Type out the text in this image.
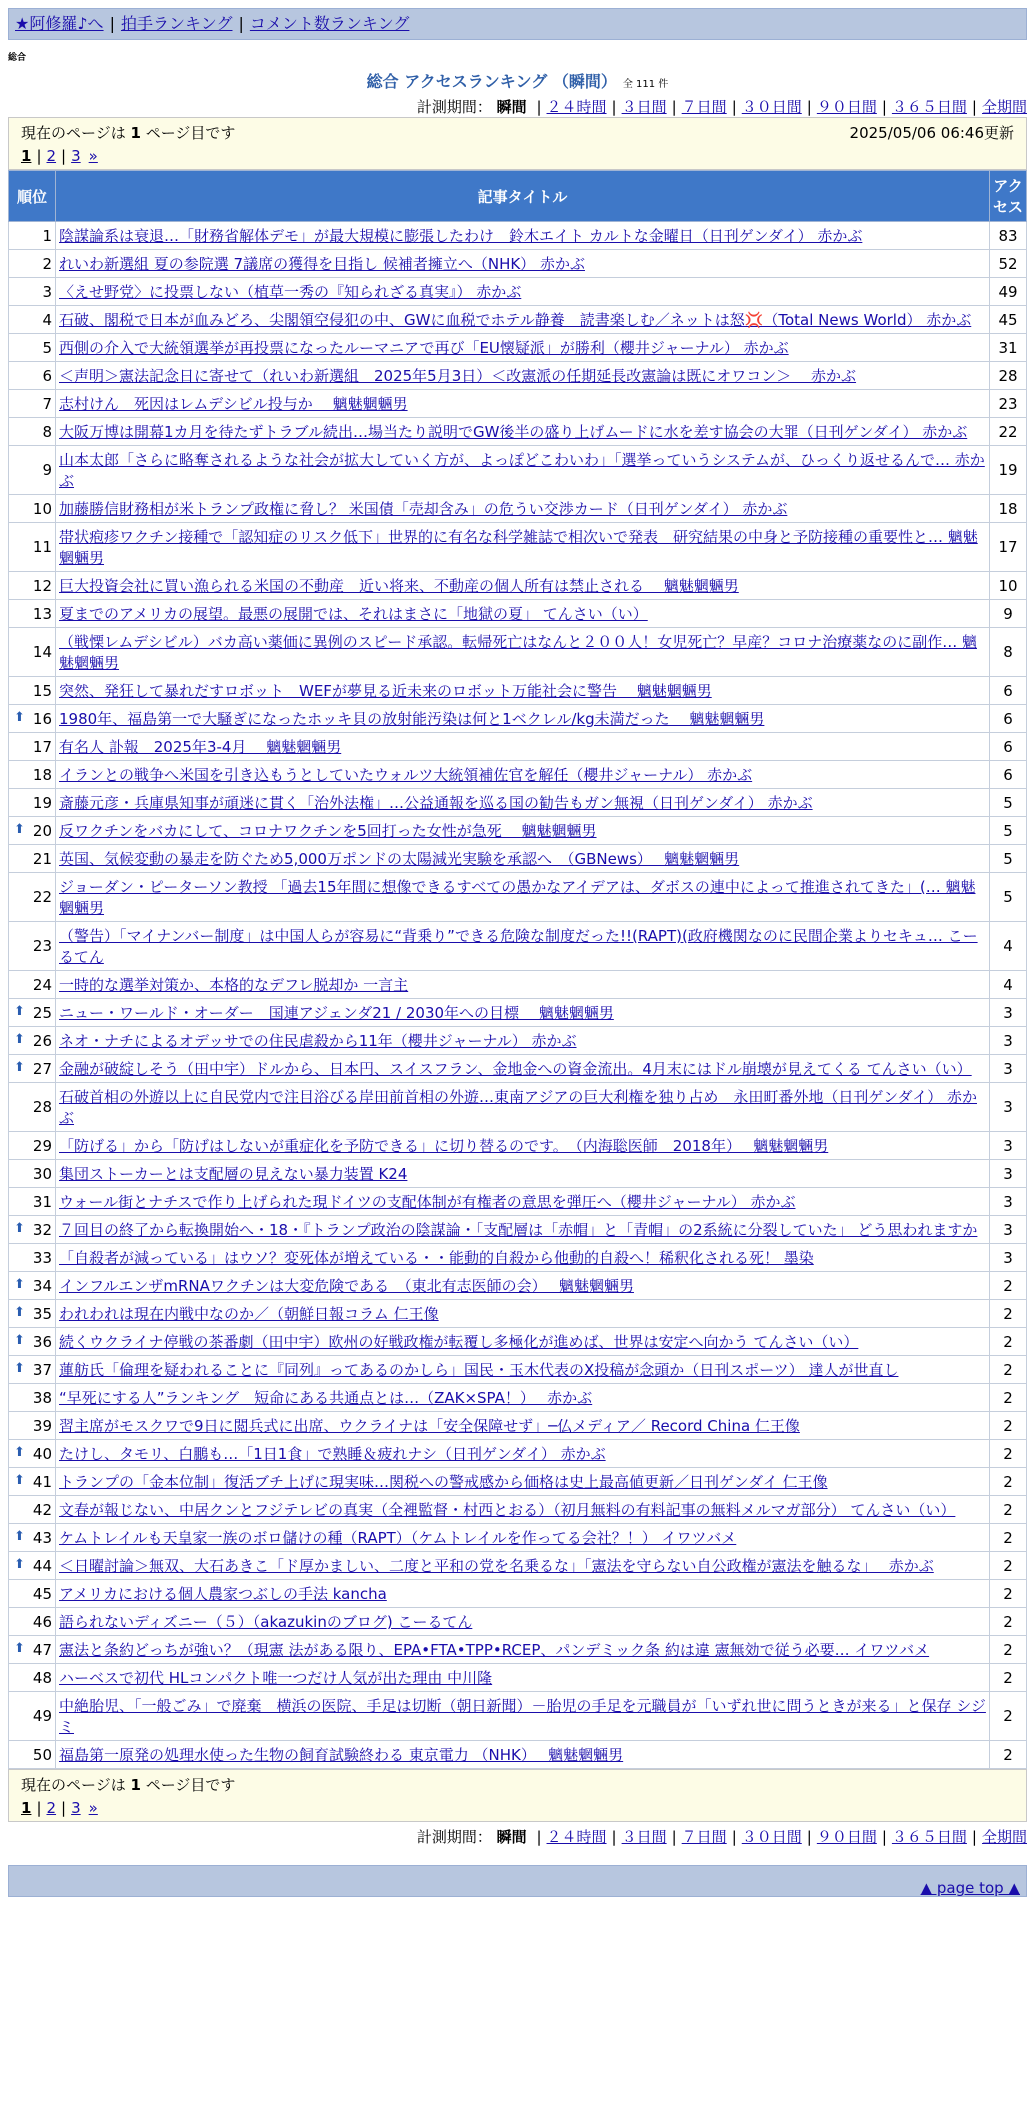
★阿修羅♪へ | 拍手ランキング | コメント数ランキング
総合
総合 アクセスランキング （瞬間） 全 111 件
計測期間： 瞬間 | ２４時間 | ３日間 | ７日間 | ３０日間 | ９０日間 | ３６５日間 | 全期間
現在のページは 1 ページ目です	2025/05/06 06:46更新
1 | 2 | 3 »
順位	記事タイトル	アクセス
1	陰謀論系は衰退…「財務省解体デモ」が最大規模に膨張したわけ　鈴木エイト カルトな金曜日（日刊ゲンダイ） 赤かぶ	83
2	れいわ新選組 夏の参院選 7議席の獲得を目指し 候補者擁立へ（NHK） 赤かぶ	52
3	〈えせ野党〉に投票しない（植草一秀の『知られざる真実』） 赤かぶ	49
4	石破、閣税で日本が血みどろ、尖閣領空侵犯の中、GWに血税でホテル静養　読書楽しむ／ネットは怒💢（Total News World） 赤かぶ	45
5	西側の介入で大統領選挙が再投票になったルーマニアで再び「EU懐疑派」が勝利（櫻井ジャーナル） 赤かぶ	31
6	＜声明＞憲法記念日に寄せて（れいわ新選組　2025年5月3日）＜改憲派の任期延長改憲論は既にオワコン＞　 赤かぶ	28
7	志村けん　死因はレムデシビル投与か　 魑魅魍魎男	23
8	大阪万博は開幕1カ月を待たずトラブル続出…場当たり説明でGW後半の盛り上げムードに水を差す協会の大罪（日刊ゲンダイ） 赤かぶ	22
9	山本太郎「さらに略奪されるような社会が拡大していく方が、よっぽどこわいわ」「選挙っていうシステムが、ひっくり返せるんで… 赤かぶ	19
10	加藤勝信財務相が米トランプ政権に脅し？ 米国債「売却含み」の危うい交渉カード（日刊ゲンダイ） 赤かぶ	18
11	帯状疱疹ワクチン接種で「認知症のリスク低下」世界的に有名な科学雑誌で相次いで発表　研究結果の中身と予防接種の重要性と… 魑魅魍魎男	17
12	巨大投資会社に買い漁られる米国の不動産　近い将来、不動産の個人所有は禁止される　 魑魅魍魎男	10
13	夏までのアメリカの展望。最悪の展開では、それはまさに「地獄の夏」 てんさい（い）	9
14	（戦慄レムデシビル）バカ高い薬価に異例のスピード承認。転帰死亡はなんと２００人！女児死亡？早産？コロナ治療薬なのに副作… 魑魅魍魎男	8
15	突然、発狂して暴れだすロボット　WEFが夢見る近未来のロボット万能社会に警告　 魑魅魍魎男	6

⬆ 16	1980年、福島第一で大騒ぎになったホッキ貝の放射能汚染は何と1ベクレル/kg未満だった　 魑魅魍魎男	6
17	有名人 訃報　2025年3-4月　 魑魅魍魎男	6
18	イランとの戦争へ米国を引き込もうとしていたウォルツ大統領補佐官を解任（櫻井ジャーナル） 赤かぶ	6
19	斎藤元彦・兵庫県知事が頑迷に貫く「治外法権」…公益通報を巡る国の勧告もガン無視（日刊ゲンダイ） 赤かぶ	5

⬆ 20	反ワクチンをバカにして、コロナワクチンを5回打った女性が急死　 魑魅魍魎男	5
21	英国、気候変動の暴走を防ぐため5,000万ポンドの太陽減光実験を承認へ　（GBNews）　 魑魅魍魎男	5
22	ジョーダン・ピーターソン教授 「過去15年間に想像できるすべての愚かなアイデアは、ダボスの連中によって推進されてきた」(… 魑魅魍魎男	5
23	（警告）「マイナンバー制度」は中国人らが容易に“背乗り”できる危険な制度だった!!(RAPT)(政府機関なのに民間企業よりセキュ… こーるてん	4
24	一時的な選挙対策か、本格的なデフレ脱却か 一言主	4

⬆ 25	ニュー・ワールド・オーダー　国連アジェンダ21 / 2030年への目標　 魑魅魍魎男	3

⬆ 26	ネオ・ナチによるオデッサでの住民虐殺から11年（櫻井ジャーナル） 赤かぶ	3

⬆ 27	金融が破綻しそう（田中宇）ドルから、日本円、スイスフラン、金地金への資金流出。4月末にはドル崩壊が見えてくる てんさい（い）	3
28	石破首相の外遊以上に自民党内で注目浴びる岸田前首相の外遊…東南アジアの巨大利権を独り占め　永田町番外地（日刊ゲンダイ） 赤かぶ	3
29	「防げる」から「防げはしないが重症化を予防できる」に切り替るのです。　（内海聡医師　2018年）　 魑魅魍魎男	3
30	集団ストーカーとは支配層の見えない暴力装置 K24	3
31	ウォール街とナチスで作り上げられた現ドイツの支配体制が有権者の意思を弾圧へ（櫻井ジャーナル） 赤かぶ	3

⬆ 32	７回目の終了から転換開始へ・18・『トランプ政治の陰謀論・「支配層は「赤帽」と「青帽」の2系統に分裂していた」 どう思われますか	3
33	「自殺者が減っている」はウソ？変死体が増えている・・能動的自殺から他動的自殺へ！稀釈化される死！ 墨染	3

⬆ 34	インフルエンザmRNAワクチンは大変危険である　（東北有志医師の会）　 魑魅魍魎男	2

⬆ 35	われわれは現在内戦中なのか／（朝鮮日報コラム 仁王像	2

⬆ 36	続くウクライナ停戦の茶番劇（田中宇）欧州の好戦政権が転覆し多極化が進めば、世界は安定へ向かう てんさい（い）	2

⬆ 37	蓮舫氏「倫理を疑われることに『同列』ってあるのかしら」国民・玉木代表のX投稿が念頭か（日刊スポーツ） 達人が世直し	2
38	“早死にする人”ランキング　短命にある共通点とは…（ZAK×SPA！）　 赤かぶ	2
39	習主席がモスクワで9日に閲兵式に出席、ウクライナは「安全保障せず」─仏メディア／ Record China 仁王像	2

⬆ 40	たけし、タモリ、白鵬も…「1日1食」で熟睡＆疲れナシ（日刊ゲンダイ） 赤かぶ	2

⬆ 41	トランプの「金本位制」復活ブチ上げに現実味…関税への警戒感から価格は史上最高値更新／日刊ゲンダイ 仁王像	2
42	文春が報じない、中居クンとフジテレビの真実（全裡監督・村西とおる）（初月無料の有料記事の無料メルマガ部分） てんさい（い）	2

⬆ 43	ケムトレイルも天皇家一族のボロ儲けの種（RAPT）（ケムトレイルを作ってる会社？！） イワツバメ	2

⬆ 44	＜日曜討論＞無双、大石あきこ「ド厚かましい、二度と平和の党を名乗るな」「憲法を守らない自公政権が憲法を触るな」　 赤かぶ	2
45	アメリカにおける個人農家つぶしの手法 kancha	2
46	語られないディズニー（５）（akazukinのブログ) こーるてん	2

⬆ 47	憲法と条約どっちが強い？（現憲 法がある限り、EPA•FTA•TPP•RCEP、パンデミック条 約は違 憲無効で従う必要… イワツバメ	2
48	ハーベスで初代 HLコンパクト唯一つだけ人気が出た理由 中川隆	2
49	中絶胎児、「一般ごみ」で廃棄　横浜の医院、手足は切断（朝日新聞）－胎児の手足を元職員が「いずれ世に問うときが来る」と保存 シジミ	2
50	福島第一原発の処理水使った生物の飼育試験終わる 東京電力 （NHK）　 魑魅魍魎男	2
現在のページは 1 ページ目です
1 | 2 | 3 »
計測期間： 瞬間 | ２４時間 | ３日間 | ７日間 | ３０日間 | ９０日間 | ３６５日間 | 全期間
▲ page top ▲
